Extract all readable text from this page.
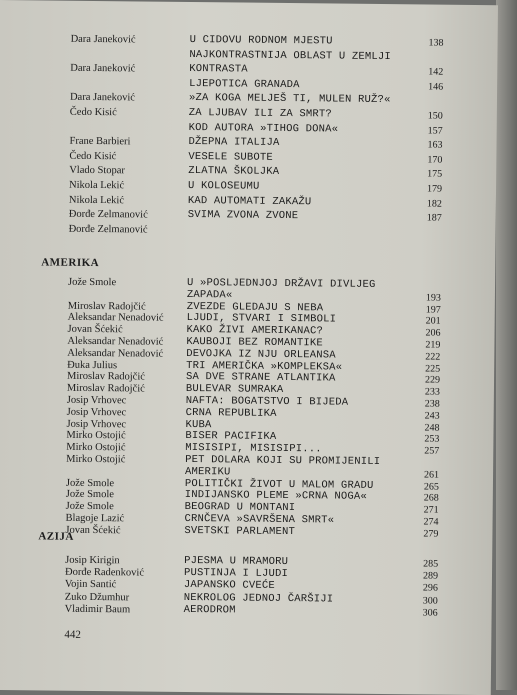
Dara Janeković	U CIDOVU RODNOM MJESTU	138
NAJKONTRASTNIJA OBLAST U ZEMLJI
Dara Janeković	KONTRASTA	142
LJEPOTICA GRANADA	146
Dara Janeković	»ZA KOGA MELJEŠ TI, MULEN RUŽ?«
Čedo Kisić	ZA LJUBAV ILI ZA SMRT?	150
KOD AUTORA »TIHOG DONA«	157
Frane Barbieri	DŽEPNA ITALIJA	163
Čedo Kisić	VESELE SUBOTE	170
Vlado Stopar	ZLATNA ŠKOLJKA	175
Nikola Lekić	U KOLOSEUMU	179
Nikola Lekić	KAD AUTOMATI ZAKAŽU	182
Đorđe Zelmanović	SVIMA ZVONA ZVONE	187
Đorđe Zelmanović
AMERIKA
Jože Smole	U »POSLJEDNJOJ DRŽAVI DIVLJEG
ZAPADA«	193
Miroslav Radojčić	ZVEZDE GLEDAJU S NEBA	197
Aleksandar Nenadović LJUDI, STVARI I SIMBOLI	201
Jovan Šćekić	KAKO ŽIVI AMERIKANAC?	206
Aleksandar Nenadović KAUBOJI BEZ ROMANTIKE	219
Aleksandar Nenadović DEVOJKA IZ NJU ORLEANSA	222
Đuka Julius	TRI AMERIČKA »KOMPLEKSA«	225
Miroslav Radojčić	SA DVE STRANE ATLANTIKA	229
Miroslav Radojčić	BULEVAR SUMRAKA	233
Josip Vrhovec	NAFTA: BOGATSTVO I BIJEDA	238
Josip Vrhovec	CRNA REPUBLIKA	243
Josip Vrhovec	KUBA	248
Mirko Ostojić	BISER PACIFIKA	253
Mirko Ostojić	MISISIPI, MISISIPI...	257
Mirko Ostojić	PET DOLARA KOJI SU PROMIJENILI
AMERIKU	261
Jože Smole	POLITIČKI ŽIVOT U MALOM GRADU	265
Jože Smole	INDIJANSKO PLEME »CRNA NOGA«	268
Jože Smole	BEOGRAD U MONTANI	271
Blagoje Lazić	CRNČEVA »SAVRŠENA SMRT«	274
Jovan Šćekić	SVETSKI PARLAMENT	279
AZIJA
Josip Kirigin	PJESMA U MRAMORU	285
Đorđe Radenković	PUSTINJA I LJUDI	289
Vojin Santić	JAPANSKO CVEĆE	296
Zuko Džumhur	NEKROLOG JEDNOJ ČARŠIJI	300
Vladimir Baum	AERODROM	306
442
